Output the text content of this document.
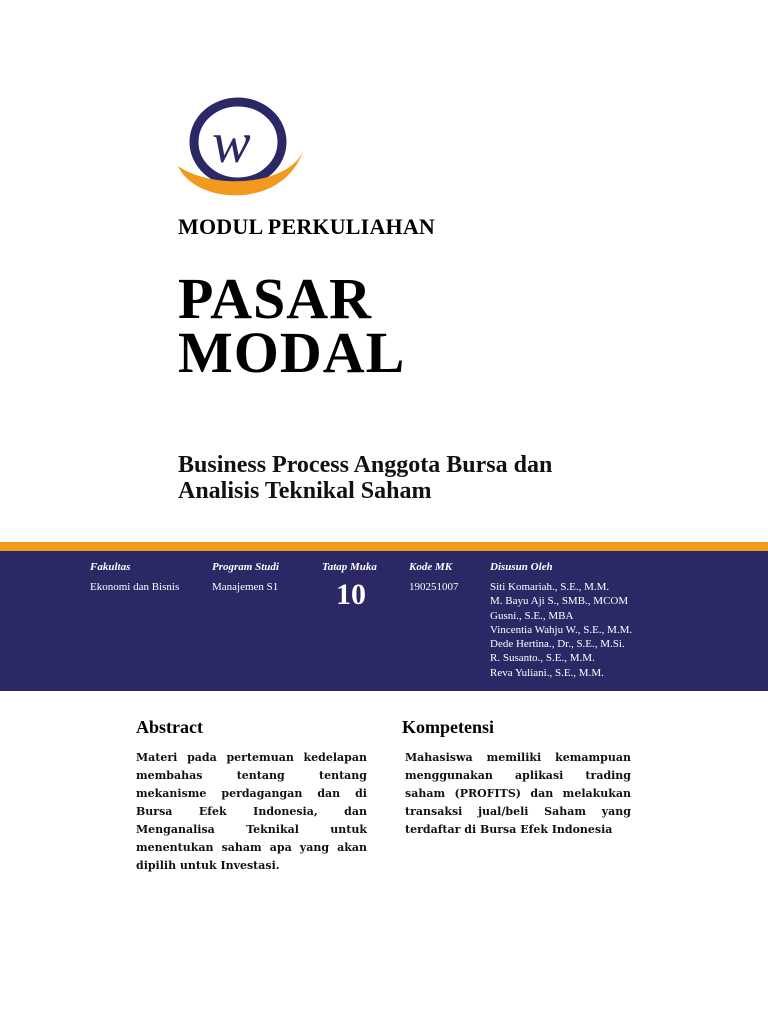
w
MODUL PERKULIAHAN
PASAR
MODAL
Business Process Anggota Bursa dan
Analisis Teknikal Saham
Fakultas
Ekonomi dan Bisnis
Program Studi
Manajemen S1
Tatap Muka
10
Kode MK
190251007
Disusun Oleh
Siti Komariah., S.E., M.M.
M. Bayu Aji S., SMB., MCOM
Gusni., S.E., MBA
Vincentia Wahju W., S.E., M.M.
Dede Hertina., Dr., S.E., M.Si.
R. Susanto., S.E., M.M.
Reva Yuliani., S.E., M.M.
Abstract
Materi pada pertemuan kedelapan membahas tentang tentang mekanisme perdagangan dan di Bursa Efek Indonesia, dan Menganalisa Teknikal untuk menentukan saham apa yang akan dipilih untuk Investasi.
Kompetensi
Mahasiswa memiliki kemampuan menggunakan aplikasi trading saham (PROFITS) dan melakukan transaksi jual/beli Saham yang terdaftar di Bursa Efek Indonesia
